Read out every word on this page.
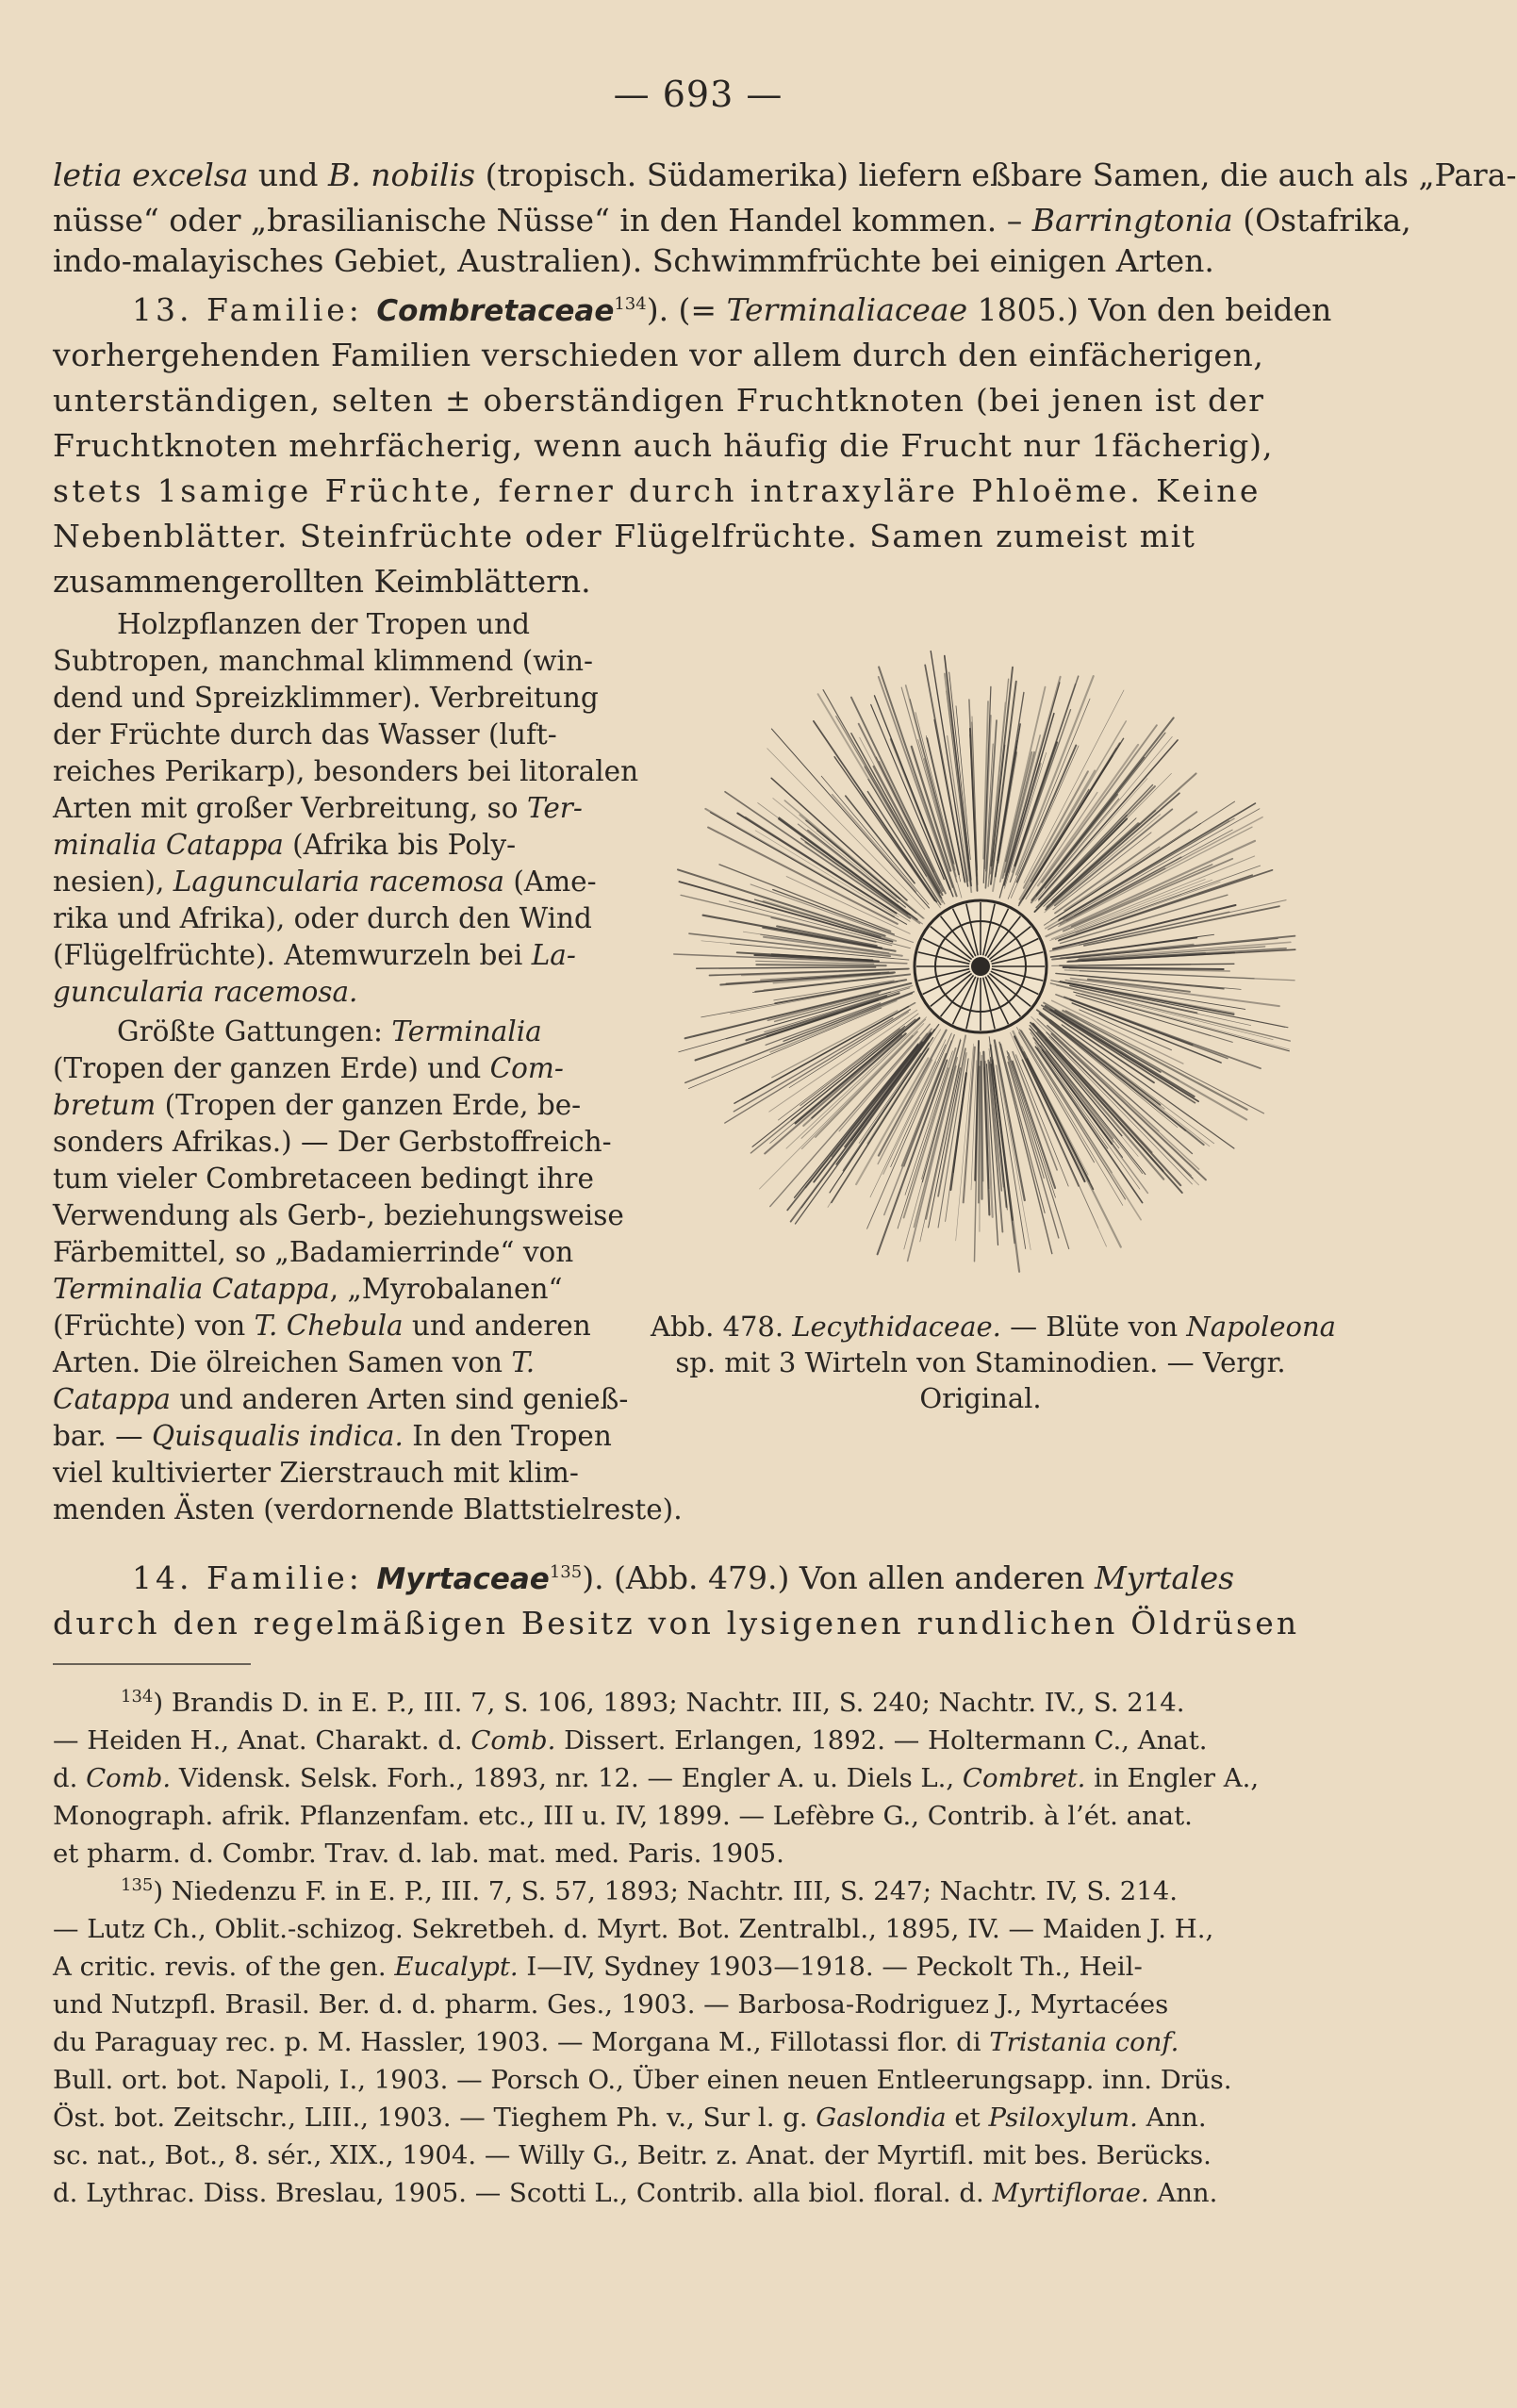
— 693 —
letia excelsa und B. nobilis (tropisch. Südamerika) liefern eßbare Samen, die auch als „Para-
nüsse“ oder „brasilianische Nüsse“ in den Handel kommen. – Barringtonia (Ostafrika,
indo-malayisches Gebiet, Australien). Schwimmfrüchte bei einigen Arten.
13. Familie: Combretaceae$^{134}$). (= Terminaliaceae 1805.) Von den beiden
vorhergehenden Familien verschieden vor allem durch den einfächerigen,
unterständigen, selten ± oberständigen Fruchtknoten (bei jenen ist der
Fruchtknoten mehrfächerig, wenn auch häufig die Frucht nur 1fächerig),
stets 1samige Früchte, ferner durch intraxyläre Phloëme. Keine
Nebenblätter. Steinfrüchte oder Flügelfrüchte. Samen zumeist mit
zusammengerollten Keimblättern.
Holzpflanzen der Tropen und
Subtropen, manchmal klimmend (win-
dend und Spreizklimmer). Verbreitung
der Früchte durch das Wasser (luft-
reiches Perikarp), besonders bei litoralen
Arten mit großer Verbreitung, so Ter-
minalia Catappa (Afrika bis Poly-
nesien), Laguncularia racemosa (Ame-
rika und Afrika), oder durch den Wind
(Flügelfrüchte). Atemwurzeln bei La-
guncularia racemosa.
Größte Gattungen: Terminalia
(Tropen der ganzen Erde) und Com-
bretum (Tropen der ganzen Erde, be-
sonders Afrikas.) — Der Gerbstoffreich-
tum vieler Combretaceen bedingt ihre
Verwendung als Gerb-, beziehungsweise
Färbemittel, so „Badamierrinde“ von
Terminalia Catappa, „Myrobalanen“
(Früchte) von T. Chebula und anderen
Arten. Die ölreichen Samen von T.
Catappa und anderen Arten sind genieß-
bar. — Quisqualis indica. In den Tropen
viel kultivierter Zierstrauch mit klim-
menden Ästen (verdornende Blattstielreste).
Abb. 478. Lecythidaceae. — Blüte von Napoleona
sp. mit 3 Wirteln von Staminodien. — Vergr.
Original.
14. Familie: Myrtaceae$^{135}$). (Abb. 479.) Von allen anderen Myrtales
durch den regelmäßigen Besitz von lysigenen rundlichen Öldrüsen
$^{134}$) Brandis D. in E. P., III. 7, S. 106, 1893; Nachtr. III, S. 240; Nachtr. IV., S. 214.
— Heiden H., Anat. Charakt. d. Comb. Dissert. Erlangen, 1892. — Holtermann C., Anat.
d. Comb. Vidensk. Selsk. Forh., 1893, nr. 12. — Engler A. u. Diels L., Combret. in Engler A.,
Monograph. afrik. Pflanzenfam. etc., III u. IV, 1899. — Lefèbre G., Contrib. à l’ét. anat.
et pharm. d. Combr. Trav. d. lab. mat. med. Paris. 1905.
$^{135}$) Niedenzu F. in E. P., III. 7, S. 57, 1893; Nachtr. III, S. 247; Nachtr. IV, S. 214.
— Lutz Ch., Oblit.-schizog. Sekretbeh. d. Myrt. Bot. Zentralbl., 1895, IV. — Maiden J. H.,
A critic. revis. of the gen. Eucalypt. I—IV, Sydney 1903—1918. — Peckolt Th., Heil-
und Nutzpfl. Brasil. Ber. d. d. pharm. Ges., 1903. — Barbosa-Rodriguez J., Myrtacées
du Paraguay rec. p. M. Hassler, 1903. — Morgana M., Fillotassi flor. di Tristania conf.
Bull. ort. bot. Napoli, I., 1903. — Porsch O., Über einen neuen Entleerungsapp. inn. Drüs.
Öst. bot. Zeitschr., LIII., 1903. — Tieghem Ph. v., Sur l. g. Gaslondia et Psiloxylum. Ann.
sc. nat., Bot., 8. sér., XIX., 1904. — Willy G., Beitr. z. Anat. der Myrtifl. mit bes. Berücks.
d. Lythrac. Diss. Breslau, 1905. — Scotti L., Contrib. alla biol. floral. d. Myrtiflorae. Ann.
